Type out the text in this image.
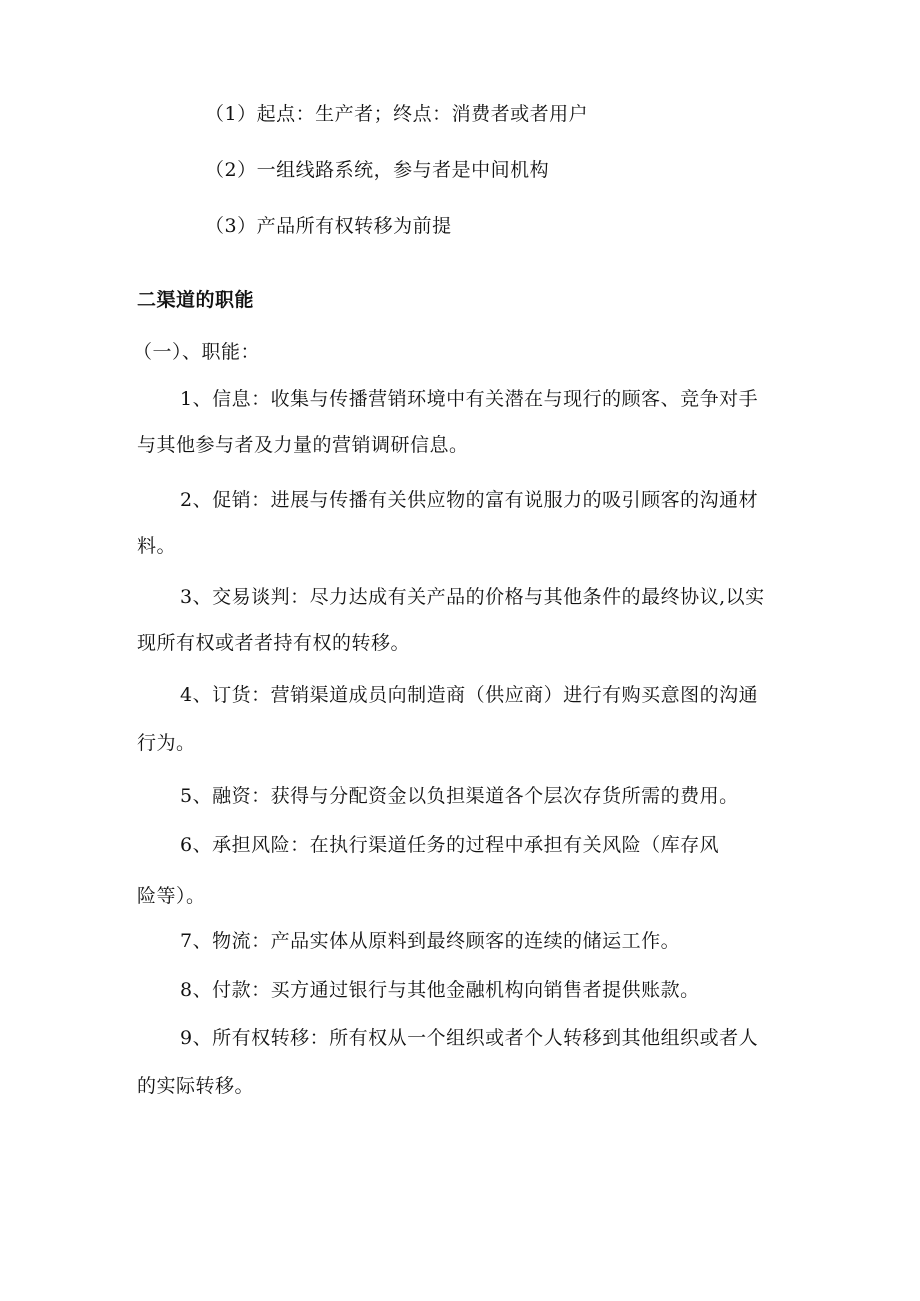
（1）起点：生产者；终点：消费者或者用户
（2）一组线路系统，参与者是中间机构
（3）产品所有权转移为前提
二渠道的职能
（一）、职能：
1、信息：收集与传播营销环境中有关潜在与现行的顾客、竞争对手
与其他参与者及力量的营销调研信息。
2、促销：进展与传播有关供应物的富有说服力的吸引顾客的沟通材
料。
3、交易谈判：尽力达成有关产品的价格与其他条件的最终协议,以实
现所有权或者者持有权的转移。
4、订货：营销渠道成员向制造商（供应商）进行有购买意图的沟通
行为。
5、融资：获得与分配资金以负担渠道各个层次存货所需的费用。
6、承担风险：在执行渠道任务的过程中承担有关风险（库存风
险等）。
7、物流：产品实体从原料到最终顾客的连续的储运工作。
8、付款：买方通过银行与其他金融机构向销售者提供账款。
9、所有权转移：所有权从一个组织或者个人转移到其他组织或者人
的实际转移。
